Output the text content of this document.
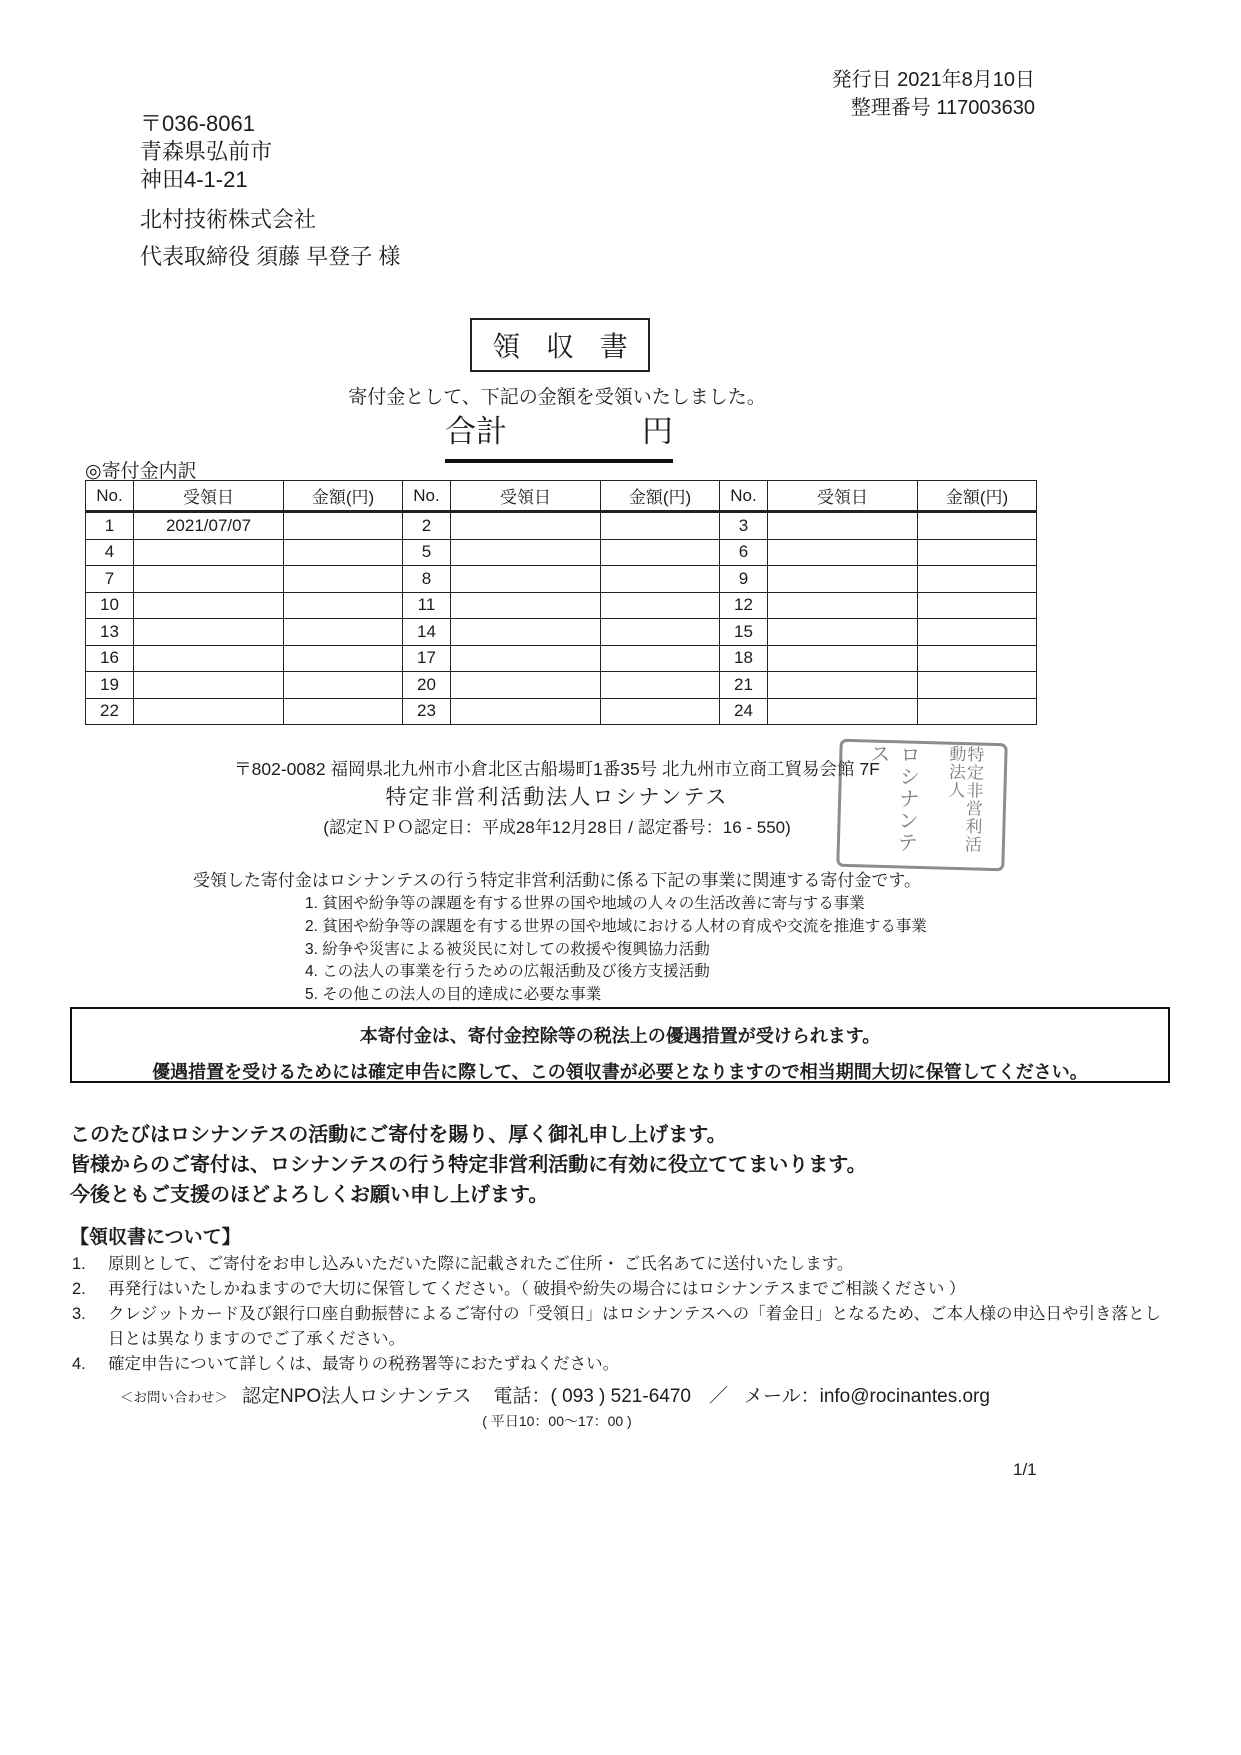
発行日 2021年8月10日
整理番号 117003630
〒036-8061
青森県弘前市
神田4-1-21
北村技術株式会社
代表取締役 須藤 早登子 様
領 収 書
寄付金として、下記の金額を受領いたしました。
合計	円
◎寄付金内訳
No.	受領日	金額(円)	No.	受領日	金額(円)	No.	受領日	金額(円)
1	2021/07/07		2			3		
4			5			6		
7			8			9		
10			11			12		
13			14			15		
16			17			18		
19			20			21		
22			23			24		
〒802-0082 福岡県北九州市小倉北区古船場町1番35号 北九州市立商工貿易会館 7F
特定非営利活動法人ロシナンテス
(認定ＮＰＯ認定日：平成28年12月28日 / 認定番号：16 - 550)	特定非営利活動法人
ロシナンテス
受領した寄付金はロシナンテスの行う特定非営利活動に係る下記の事業に関連する寄付金です。
1. 貧困や紛争等の課題を有する世界の国や地域の人々の生活改善に寄与する事業
2. 貧困や紛争等の課題を有する世界の国や地域における人材の育成や交流を推進する事業
3. 紛争や災害による被災民に対しての救援や復興協力活動
4. この法人の事業を行うための広報活動及び後方支援活動
5. その他この法人の目的達成に必要な事業
本寄付金は、寄付金控除等の税法上の優遇措置が受けられます。
優遇措置を受けるためには確定申告に際して、この領収書が必要となりますので相当期間大切に保管してください。
このたびはロシナンテスの活動にご寄付を賜り、厚く御礼申し上げます。
皆様からのご寄付は、ロシナンテスの行う特定非営利活動に有効に役立ててまいります。
今後ともご支援のほどよろしくお願い申し上げます。
【領収書について】
1.	原則として、ご寄付をお申し込みいただいた際に記載されたご住所・ ご氏名あてに送付いたします。
2.	再発行はいたしかねますので大切に保管してください。（ 破損や紛失の場合にはロシナンテスまでご相談ください ）
3.	クレジットカード及び銀行口座自動振替によるご寄付の「受領日」はロシナンテスへの「着金日」となるため、ご本人様の申込日や引き落とし日とは異なりますのでご了承ください。
4.	確定申告について詳しくは、最寄りの税務署等におたずねください。
＜お問い合わせ＞ 認定NPO法人ロシナンテス 電話：( 093 ) 521-6470 ／ メール：info@rocinantes.org
( 平日10：00～17：00 )
1/1
